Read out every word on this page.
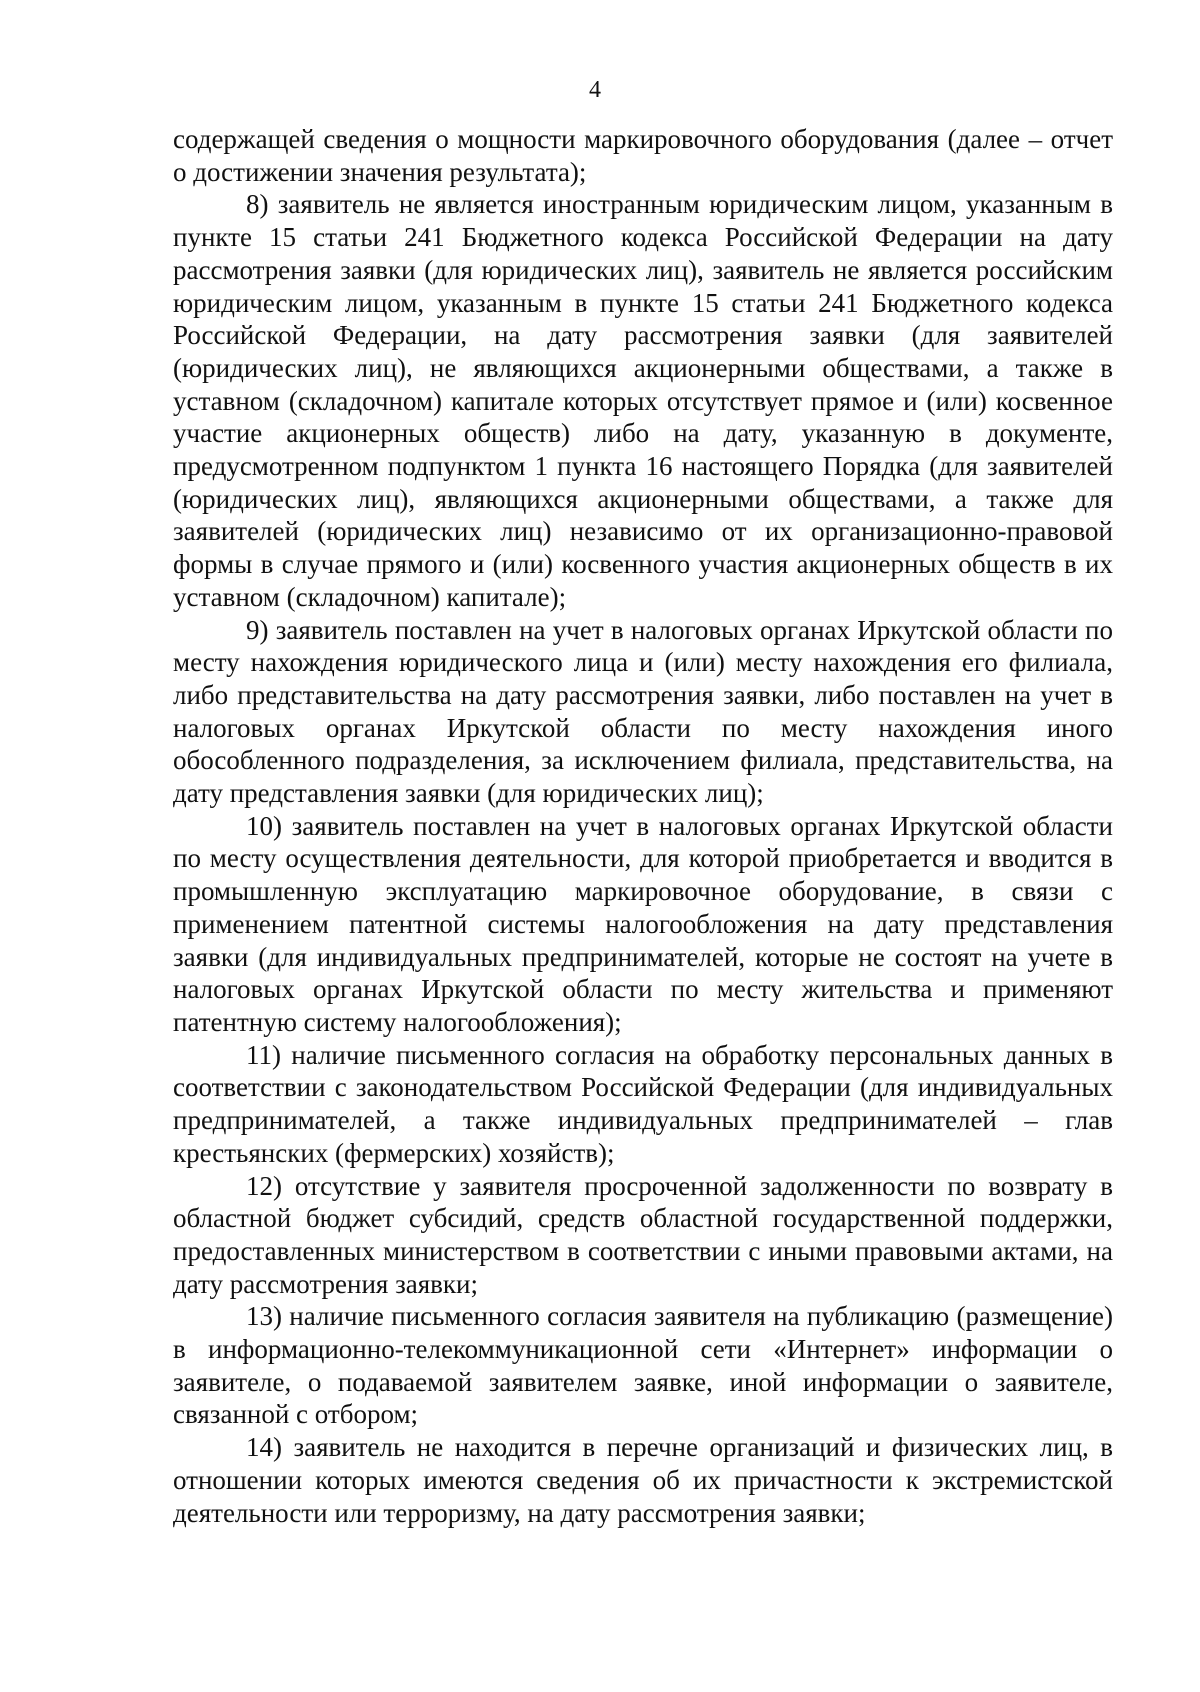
4

содержащей сведения о мощности маркировочного оборудования (далее – отчет о достижении значения результата);

8) заявитель не является иностранным юридическим лицом, указанным в пункте 15 статьи 241 Бюджетного кодекса Российской Федерации на дату рассмотрения заявки (для юридических лиц), заявитель не является российским юридическим лицом, указанным в пункте 15 статьи 241 Бюджетного кодекса Российской Федерации, на дату рассмотрения заявки (для заявителей (юридических лиц), не являющихся акционерными обществами, а также в уставном (складочном) капитале которых отсутствует прямое и (или) косвенное участие акционерных обществ) либо на дату, указанную в документе, предусмотренном подпунктом 1 пункта 16 настоящего Порядка (для заявителей (юридических лиц), являющихся акционерными обществами, а также для заявителей (юридических лиц) независимо от их организационно-правовой формы в случае прямого и (или) косвенного участия акционерных обществ в их уставном (складочном) капитале);

9) заявитель поставлен на учет в налоговых органах Иркутской области по месту нахождения юридического лица и (или) месту нахождения его филиала, либо представительства на дату рассмотрения заявки, либо поставлен на учет в налоговых органах Иркутской области по месту нахождения иного обособленного подразделения, за исключением филиала, представительства, на дату представления заявки (для юридических лиц);

10) заявитель поставлен на учет в налоговых органах Иркутской области по месту осуществления деятельности, для которой приобретается и вводится в промышленную эксплуатацию маркировочное оборудование, в связи с применением патентной системы налогообложения на дату представления заявки (для индивидуальных предпринимателей, которые не состоят на учете в налоговых органах Иркутской области по месту жительства и применяют патентную систему налогообложения);

11) наличие письменного согласия на обработку персональных данных в соответствии с законодательством Российской Федерации (для индивидуальных предпринимателей, а также индивидуальных предпринимателей – глав крестьянских (фермерских) хозяйств);

12) отсутствие у заявителя просроченной задолженности по возврату в областной бюджет субсидий, средств областной государственной поддержки, предоставленных министерством в соответствии с иными правовыми актами, на дату рассмотрения заявки;

13) наличие письменного согласия заявителя на публикацию (размещение) в информационно-телекоммуникационной сети «Интернет» информации о заявителе, о подаваемой заявителем заявке, иной информации о заявителе, связанной с отбором;

14) заявитель не находится в перечне организаций и физических лиц, в отношении которых имеются сведения об их причастности к экстремистской деятельности или терроризму, на дату рассмотрения заявки;
